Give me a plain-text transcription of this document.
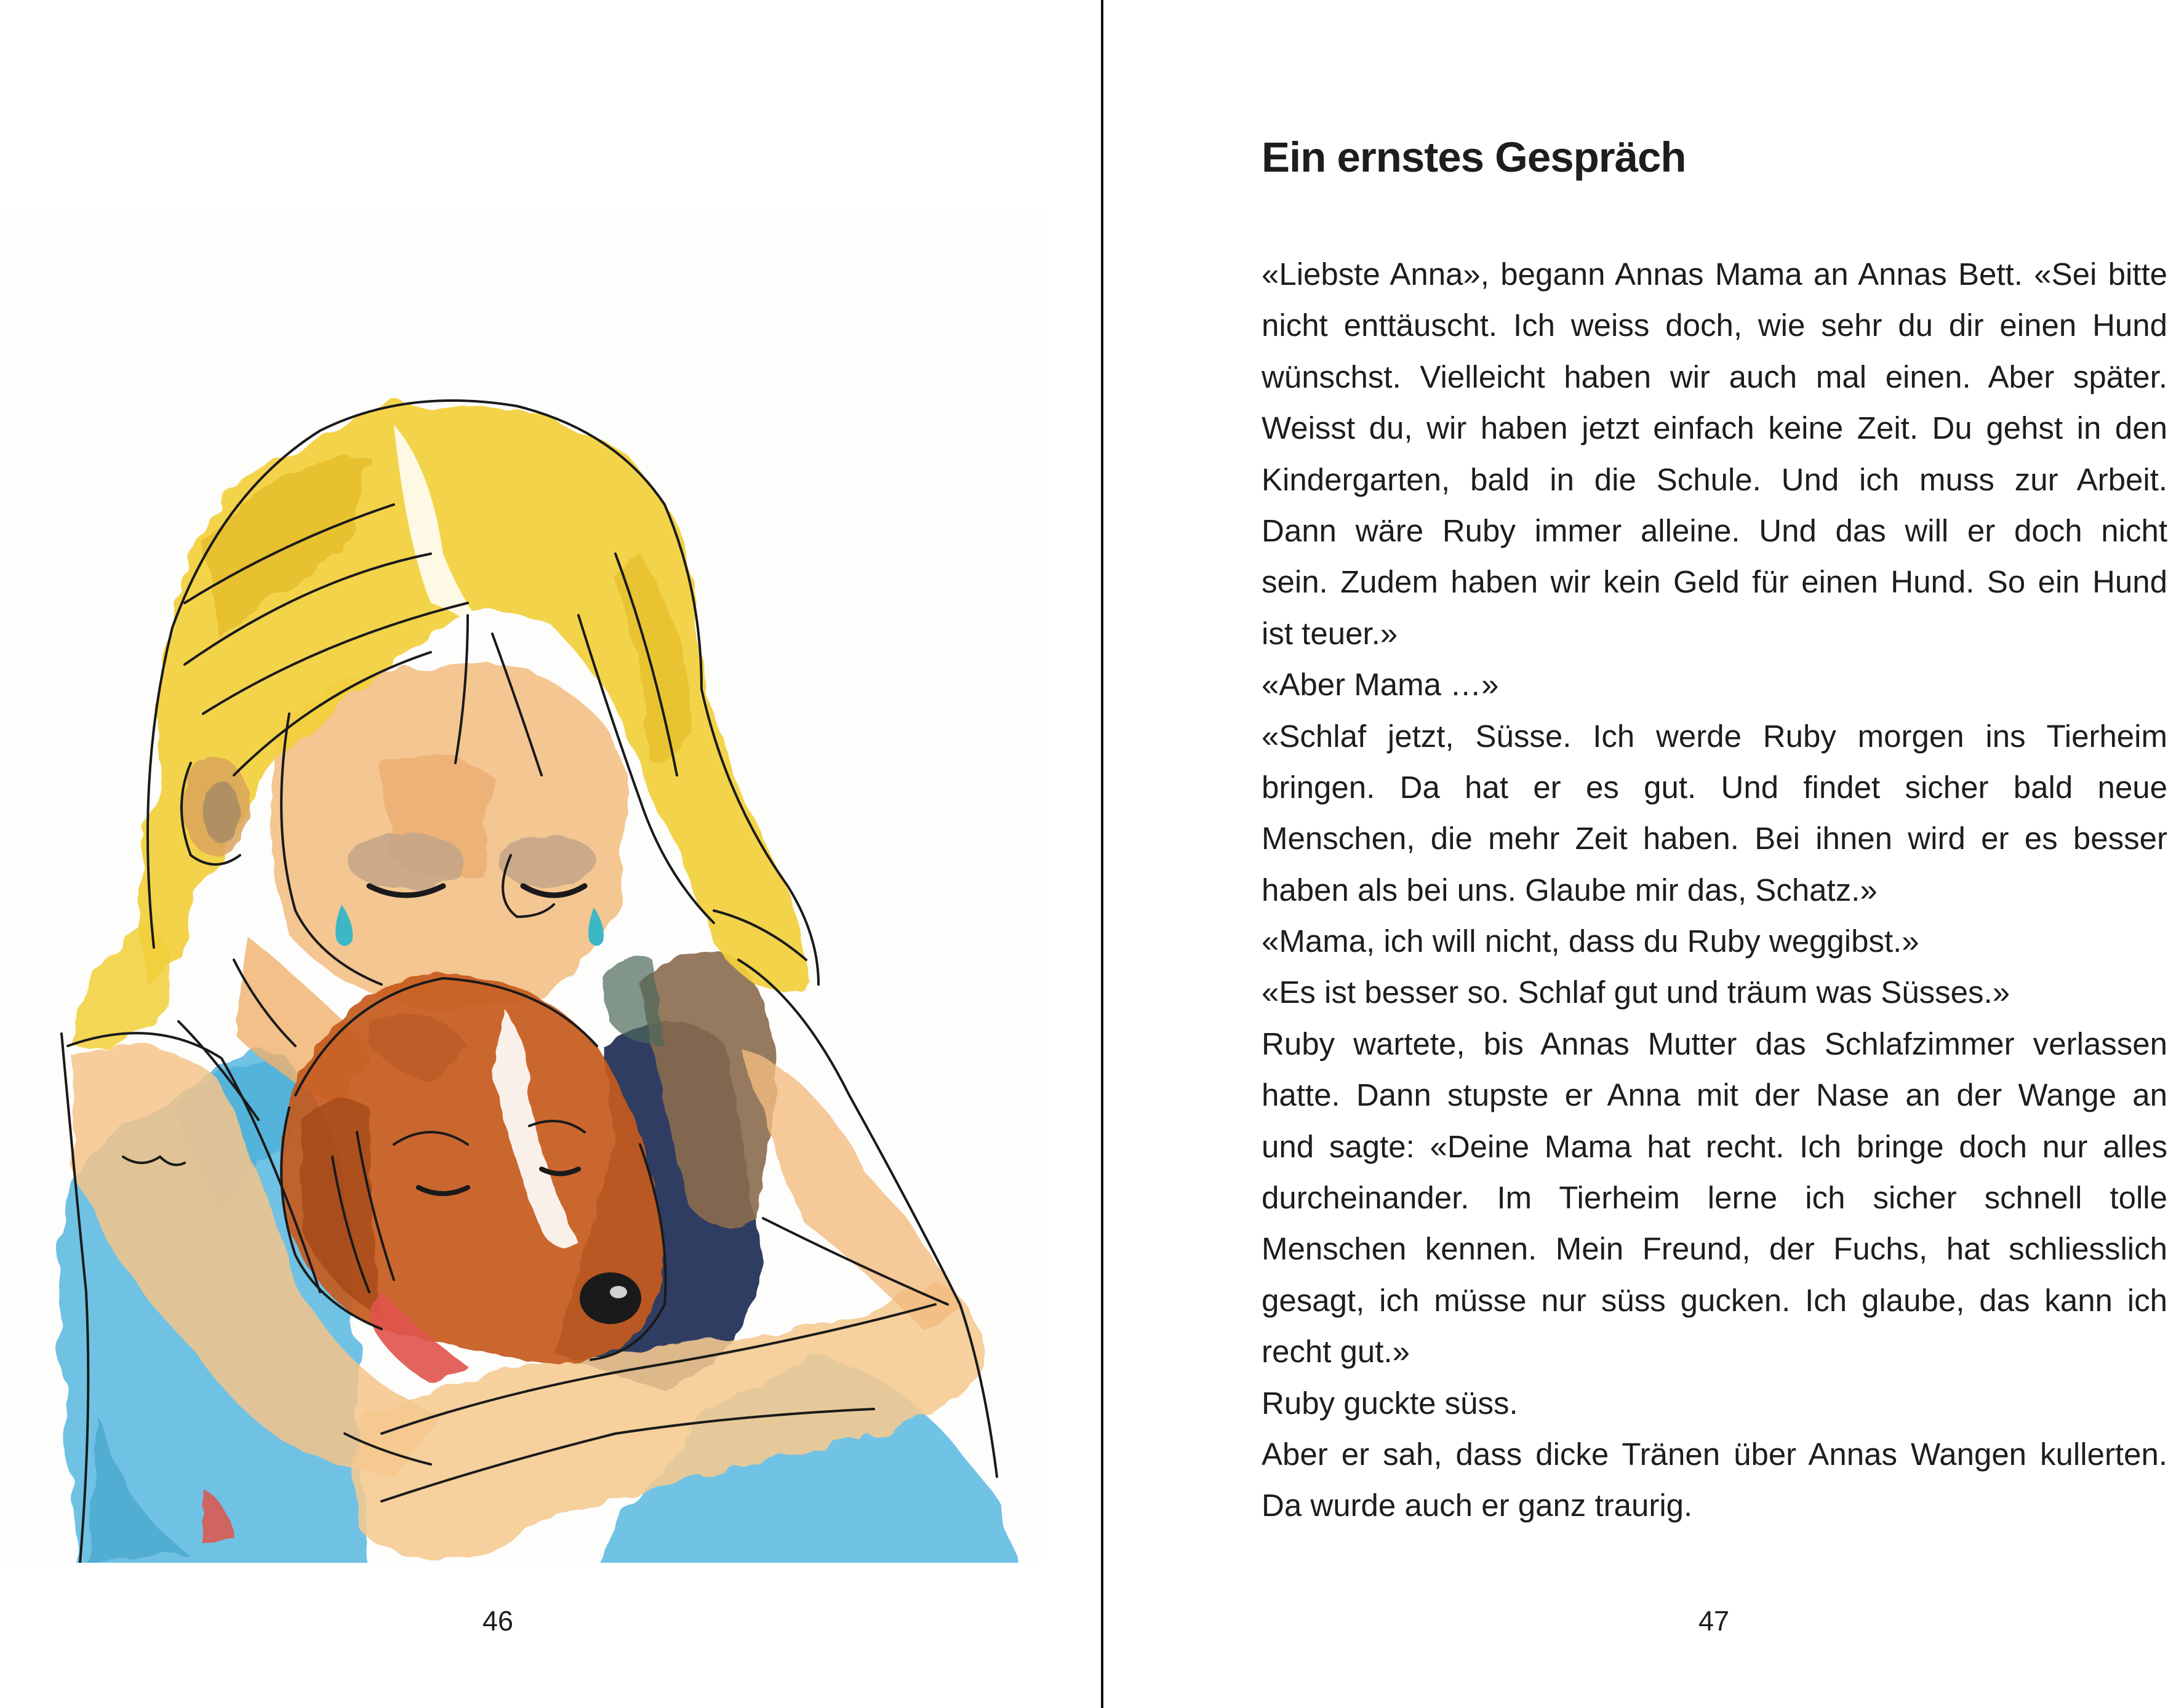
46
Ein ernstes Gespräch
«Liebste Anna», begann Annas Mama an Annas Bett. «Sei bitte
nicht enttäuscht. Ich weiss doch, wie sehr du dir einen Hund
wünschst. Vielleicht haben wir auch mal einen. Aber später.
Weisst du, wir haben jetzt einfach keine Zeit. Du gehst in den
Kindergarten, bald in die Schule. Und ich muss zur Arbeit.
Dann wäre Ruby immer alleine. Und das will er doch nicht
sein. Zudem haben wir kein Geld für einen Hund. So ein Hund
ist teuer.»
«Aber Mama …»
«Schlaf jetzt, Süsse. Ich werde Ruby morgen ins Tierheim
bringen. Da hat er es gut. Und findet sicher bald neue
Menschen, die mehr Zeit haben. Bei ihnen wird er es besser
haben als bei uns. Glaube mir das, Schatz.»
«Mama, ich will nicht, dass du Ruby weggibst.»
«Es ist besser so. Schlaf gut und träum was Süsses.»
Ruby wartete, bis Annas Mutter das Schlafzimmer verlassen
hatte. Dann stupste er Anna mit der Nase an der Wange an
und sagte: «Deine Mama hat recht. Ich bringe doch nur alles
durcheinander. Im Tierheim lerne ich sicher schnell tolle
Menschen kennen. Mein Freund, der Fuchs, hat schliesslich
gesagt, ich müsse nur süss gucken. Ich glaube, das kann ich
recht gut.»
Ruby guckte süss.
Aber er sah, dass dicke Tränen über Annas Wangen kullerten.
Da wurde auch er ganz traurig.
47
